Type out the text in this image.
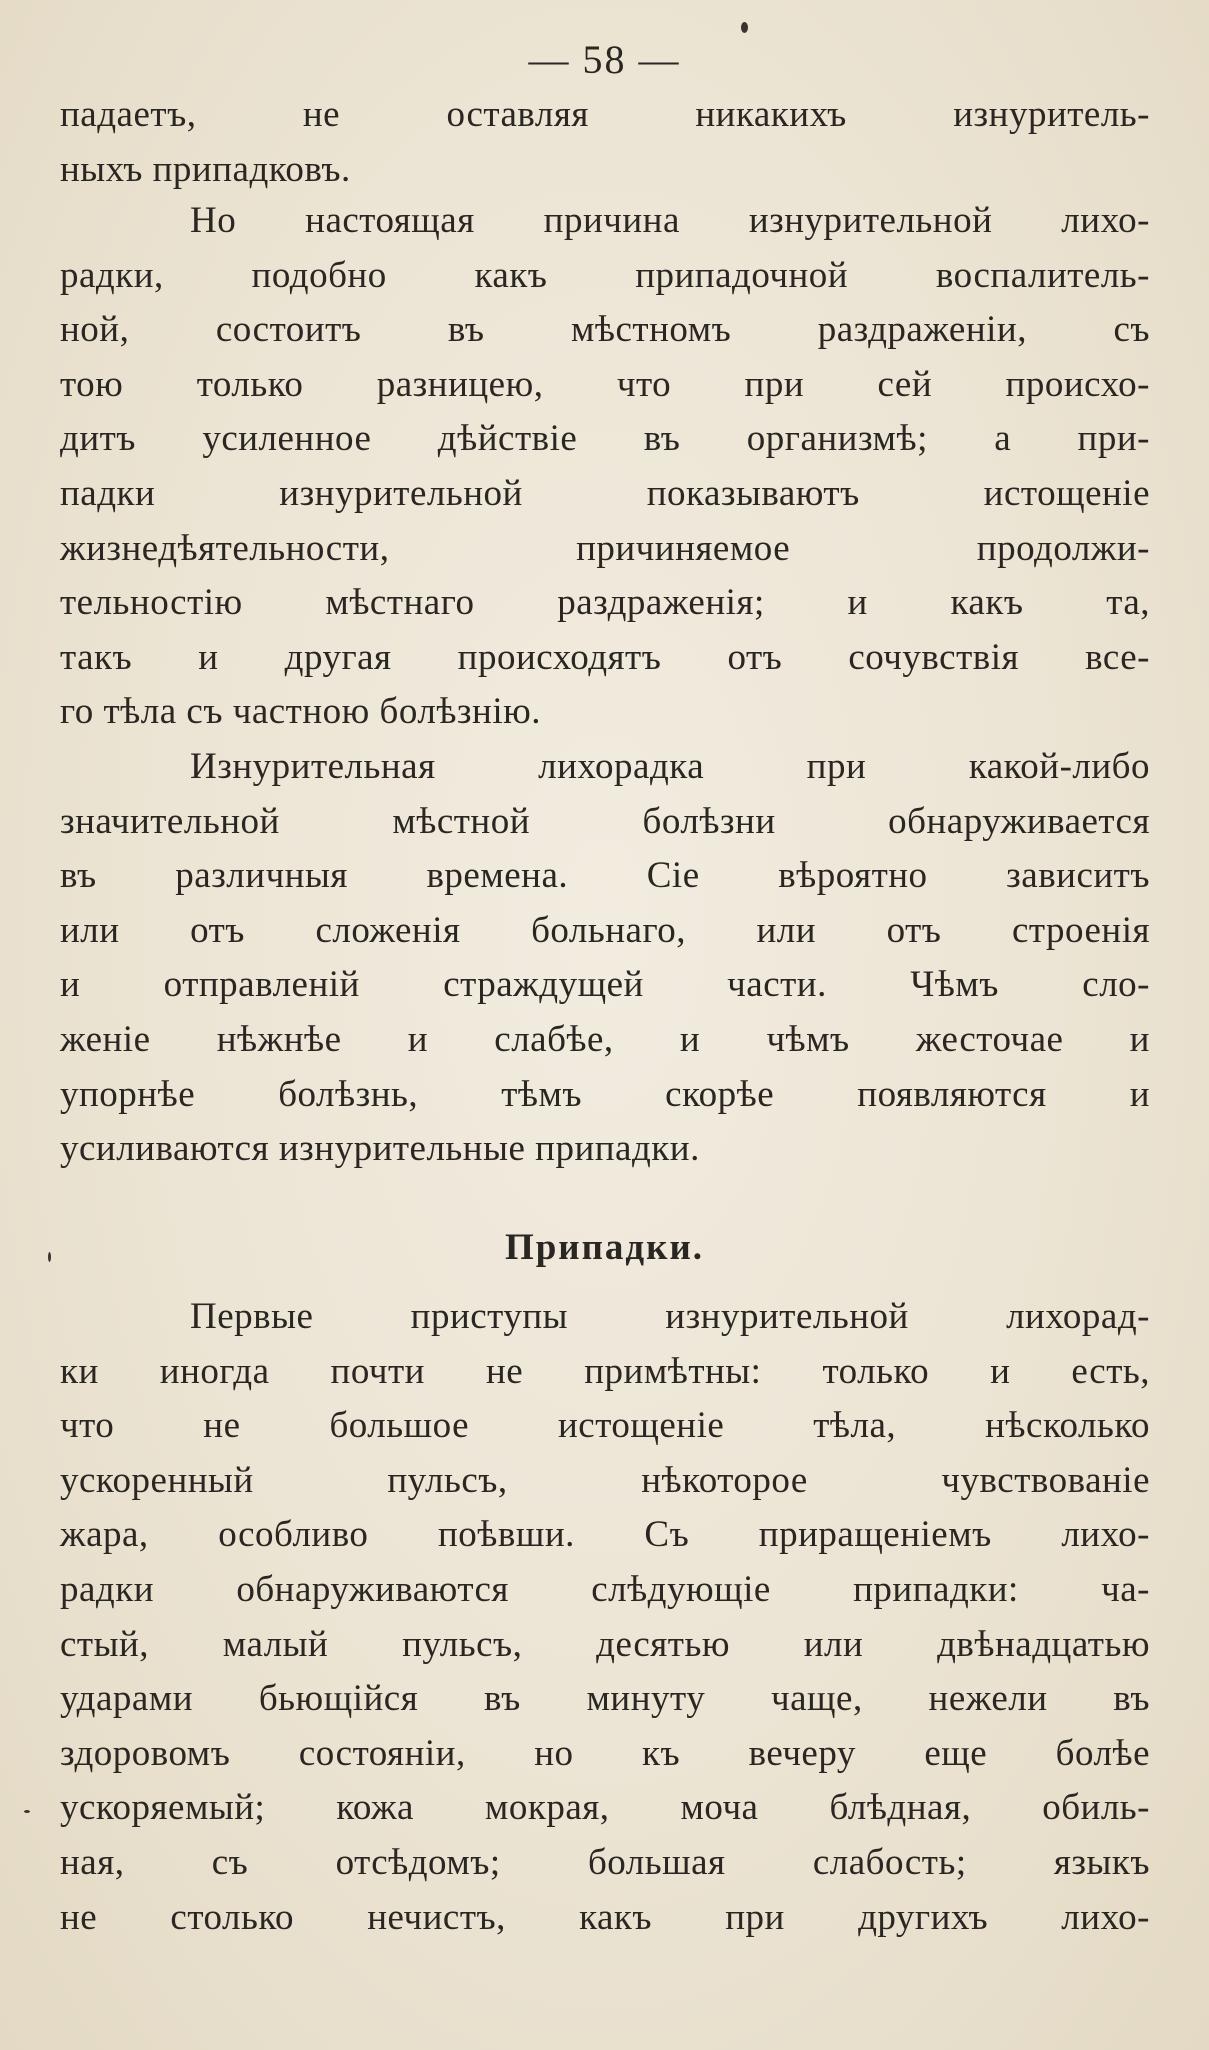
— 58 —
падаетъ, не оставляя никакихъ изнуритель-
ныхъ припадковъ.
Но настоящая причина изнурительной лихо-
радки, подобно какъ припадочной воспалитель-
ной, состоитъ въ мѣстномъ раздраженіи, съ
тою только разницею, что при сей происхо-
дитъ усиленное дѣйствіе въ организмѣ; а при-
падки изнурительной показываютъ истощеніе
жизнедѣятельности, причиняемое продолжи-
тельностію мѣстнаго раздраженія; и какъ та,
такъ и другая происходятъ отъ сочувствія все-
го тѣла съ частною болѣзнію.
Изнурительная лихорадка при какой-либо
значительной мѣстной болѣзни обнаруживается
въ различныя времена. Сіе вѣроятно зависитъ
или отъ сложенія больнаго, или отъ строенія
и отправленій страждущей части. Чѣмъ сло-
женіе нѣжнѣе и слабѣе, и чѣмъ жесточае и
упорнѣе болѣзнь, тѣмъ скорѣе появляются и
усиливаются изнурительные припадки.
Припадки.
Первые приступы изнурительной лихорад-
ки иногда почти не примѣтны: только и есть,
что не большое истощеніе тѣла, нѣсколько
ускоренный пульсъ, нѣкоторое чувствованіе
жара, особливо поѣвши. Съ приращеніемъ лихо-
радки обнаруживаются слѣдующіе припадки: ча-
стый, малый пульсъ, десятью или двѣнадцатью
ударами бьющійся въ минуту чаще, нежели въ
здоровомъ состояніи, но къ вечеру еще болѣе
ускоряемый; кожа мокрая, моча блѣдная, обиль-
ная, съ отсѣдомъ; большая слабость; языкъ
не столько нечистъ, какъ при другихъ лихо-
